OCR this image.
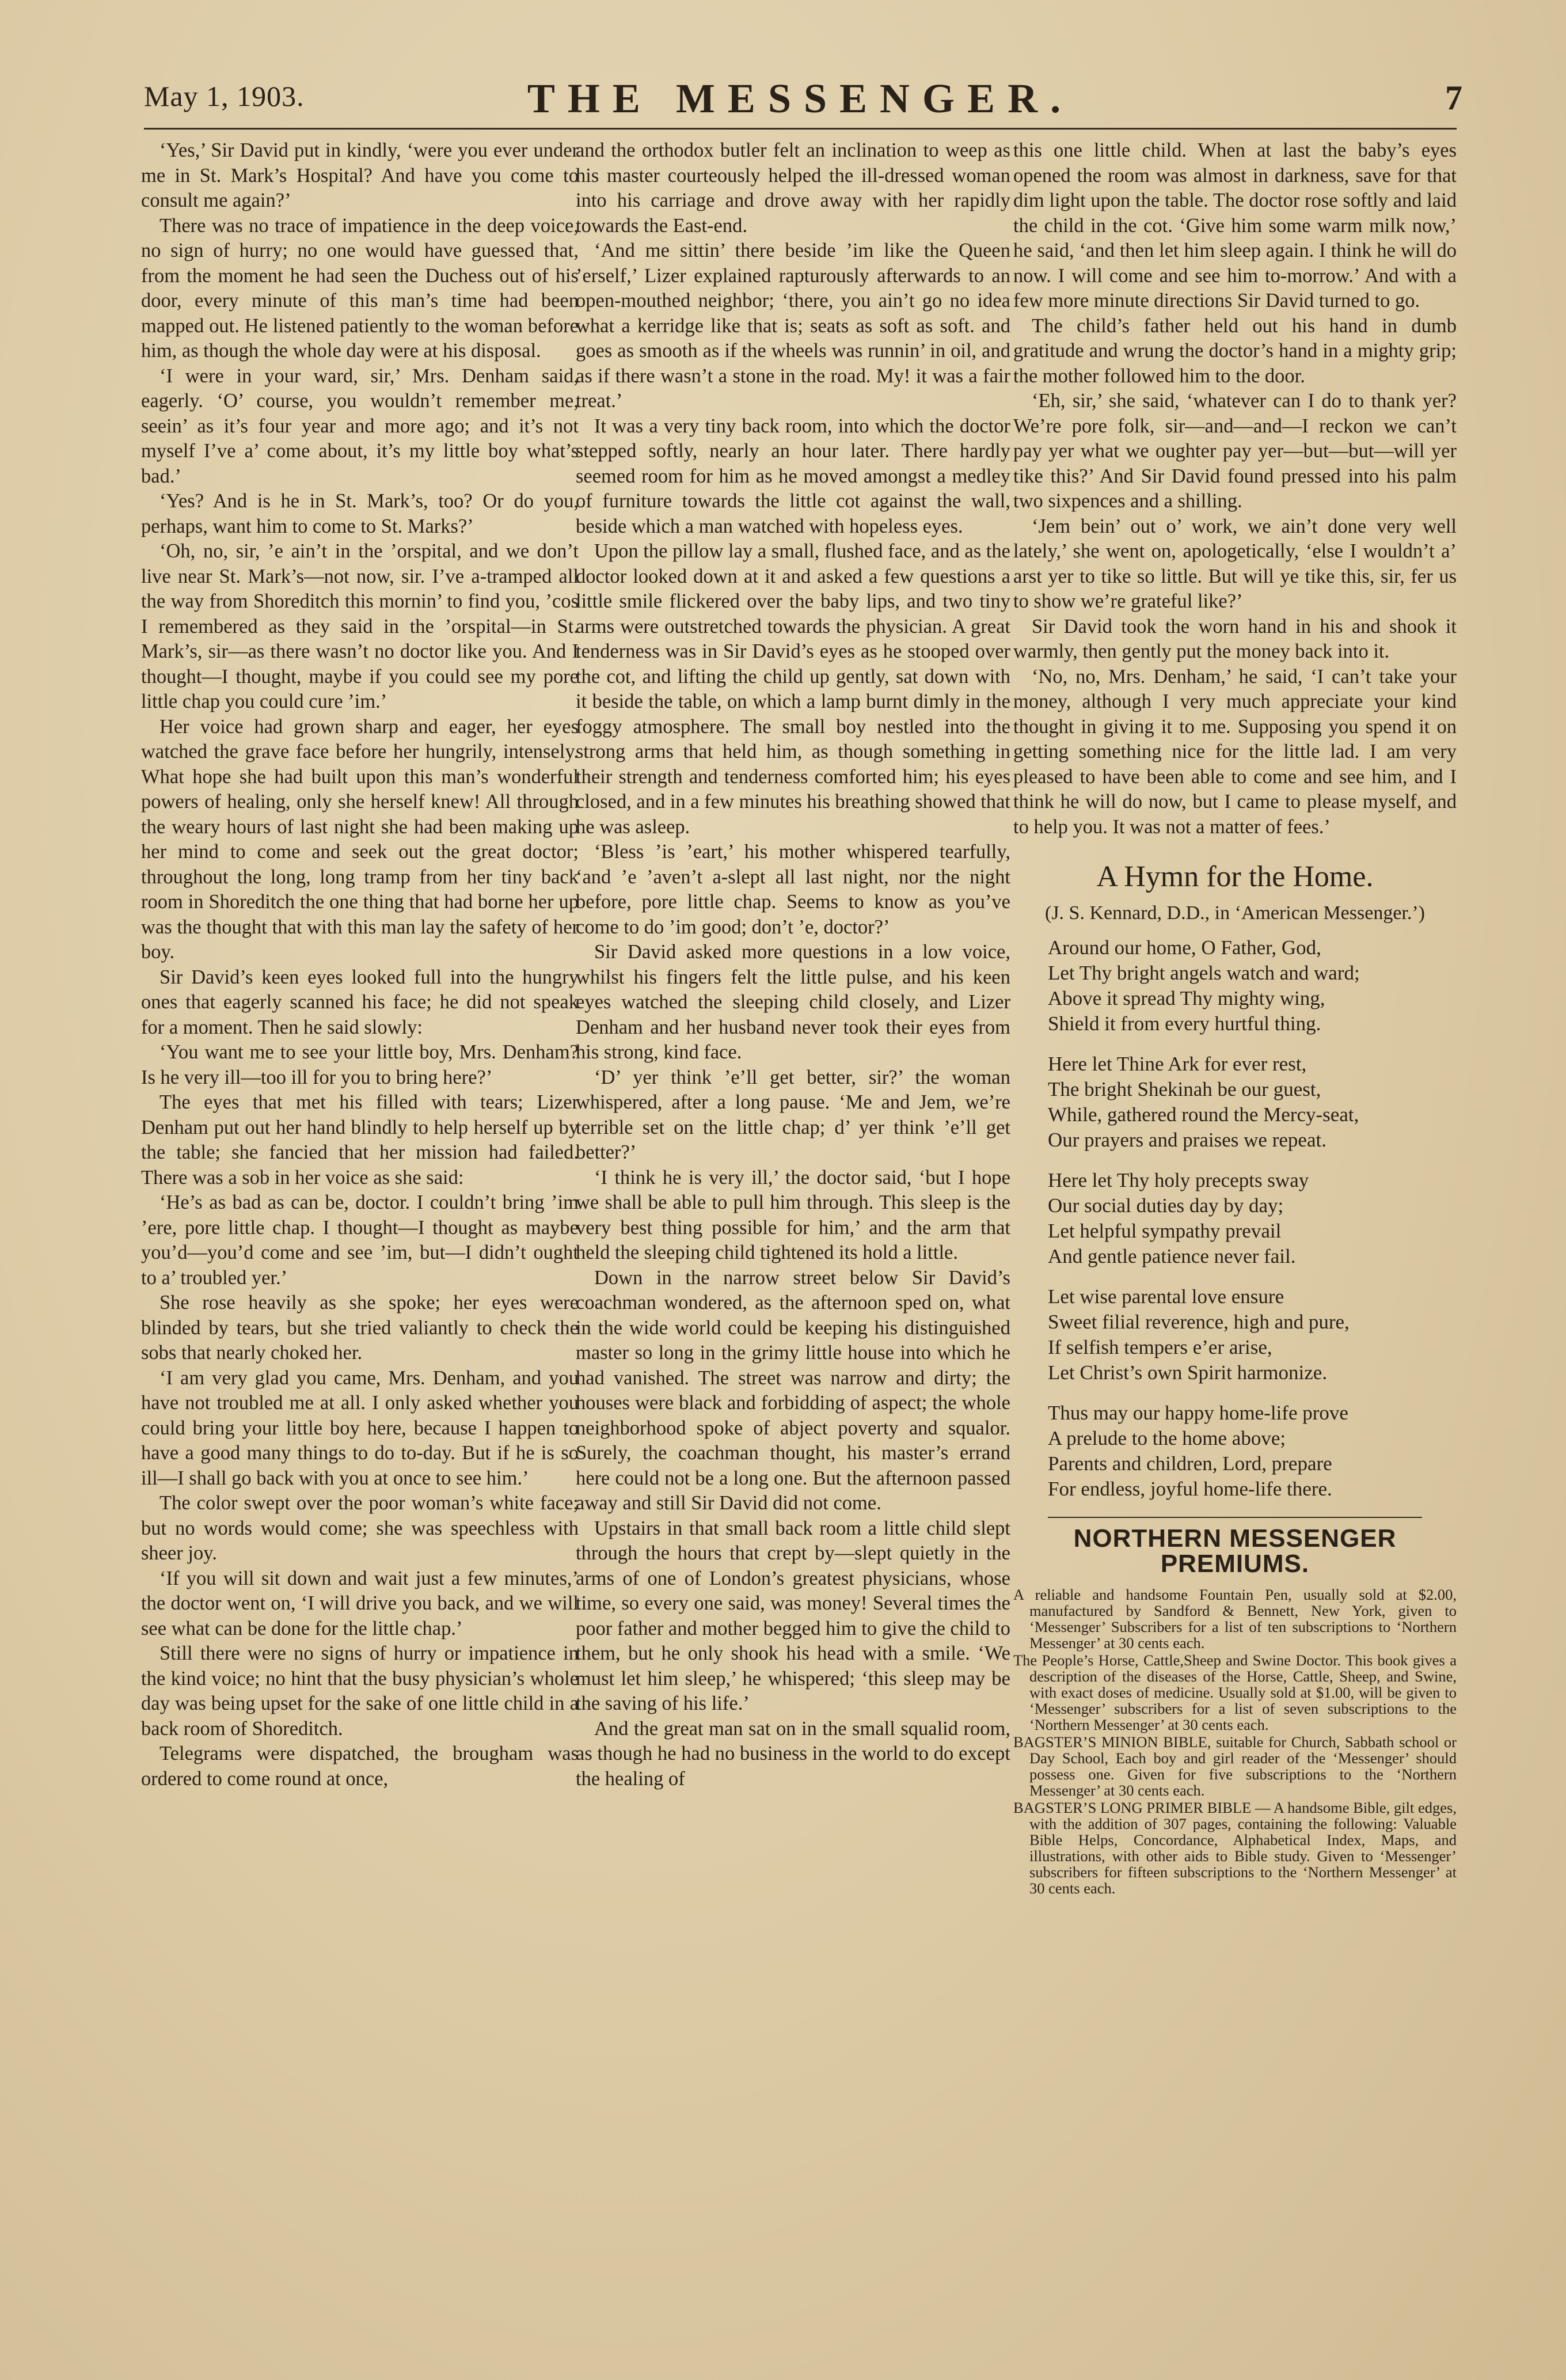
May 1, 1903.	THE MESSENGER.	7

‘Yes,’ Sir David put in kindly, ‘were you ever under me in St. Mark’s Hospital? And have you come to consult me again?’

There was no trace of impatience in the deep voice, no sign of hurry; no one would have guessed that, from the moment he had seen the Duchess out of his door, every minute of this man’s time had been mapped out. He listened patiently to the woman before him, as though the whole day were at his disposal.

‘I were in your ward, sir,’ Mrs. Denham said, eagerly. ‘O’ course, you wouldn’t remember me, seein’ as it’s four year and more ago; and it’s not myself I’ve a’ come about, it’s my little boy what’s bad.’

‘Yes? And is he in St. Mark’s, too? Or do you, perhaps, want him to come to St. Marks?’

‘Oh, no, sir, ’e ain’t in the ’orspital, and we don’t live near St. Mark’s—not now, sir. I’ve a-tramped all the way from Shoreditch this mornin’ to find you, ’cos I remembered as they said in the ’orspital—in St. Mark’s, sir—as there wasn’t no doctor like you. And I thought—I thought, maybe if you could see my pore little chap you could cure ’im.’

Her voice had grown sharp and eager, her eyes watched the grave face before her hungrily, intensely. What hope she had built upon this man’s wonderful powers of healing, only she herself knew! All through the weary hours of last night she had been making up her mind to come and seek out the great doctor; throughout the long, long tramp from her tiny back room in Shoreditch the one thing that had borne her up was the thought that with this man lay the safety of her boy.

Sir David’s keen eyes looked full into the hungry ones that eagerly scanned his face; he did not speak for a moment. Then he said slowly:

‘You want me to see your little boy, Mrs. Denham? Is he very ill—too ill for you to bring here?’

The eyes that met his filled with tears; Lizer Denham put out her hand blindly to help herself up by the table; she fancied that her mission had failed. There was a sob in her voice as she said:

‘He’s as bad as can be, doctor. I couldn’t bring ’im ’ere, pore little chap. I thought—I thought as maybe you’d—you’d come and see ’im, but—I didn’t ought to a’ troubled yer.’

She rose heavily as she spoke; her eyes were blinded by tears, but she tried valiantly to check the sobs that nearly choked her.

‘I am very glad you came, Mrs. Denham, and you have not troubled me at all. I only asked whether you could bring your little boy here, because I happen to have a good many things to do to-day. But if he is so ill—I shall go back with you at once to see him.’

The color swept over the poor woman’s white face; but no words would come; she was speechless with sheer joy.

‘If you will sit down and wait just a few minutes,’ the doctor went on, ‘I will drive you back, and we will see what can be done for the little chap.’

Still there were no signs of hurry or impatience in the kind voice; no hint that the busy physician’s whole day was being upset for the sake of one little child in a back room of Shoreditch.

Telegrams were dispatched, the brougham was ordered to come round at once,

and the orthodox butler felt an inclination to weep as his master courteously helped the ill-dressed woman into his carriage and drove away with her rapidly towards the East-end.

‘And me sittin’ there beside ’im like the Queen ’erself,’ Lizer explained rapturously afterwards to an open-mouthed neighbor; ‘there, you ain’t go no idea what a kerridge like that is; seats as soft as soft. and goes as smooth as if the wheels was runnin’ in oil, and as if there wasn’t a stone in the road. My! it was a fair treat.’

It was a very tiny back room, into which the doctor stepped softly, nearly an hour later. There hardly seemed room for him as he moved amongst a medley of furniture towards the little cot against the wall, beside which a man watched with hopeless eyes.

Upon the pillow lay a small, flushed face, and as the doctor looked down at it and asked a few questions a little smile flickered over the baby lips, and two tiny arms were outstretched towards the physician. A great tenderness was in Sir David’s eyes as he stooped over the cot, and lifting the child up gently, sat down with it beside the table, on which a lamp burnt dimly in the foggy atmosphere. The small boy nestled into the strong arms that held him, as though something in their strength and tenderness comforted him; his eyes closed, and in a few minutes his breathing showed that he was asleep.

‘Bless ’is ’eart,’ his mother whispered tearfully, ‘and ’e ’aven’t a-slept all last night, nor the night before, pore little chap. Seems to know as you’ve come to do ’im good; don’t ’e, doctor?’

Sir David asked more questions in a low voice, whilst his fingers felt the little pulse, and his keen eyes watched the sleeping child closely, and Lizer Denham and her husband never took their eyes from his strong, kind face.

‘D’ yer think ’e’ll get better, sir?’ the woman whispered, after a long pause. ‘Me and Jem, we’re terrible set on the little chap; d’ yer think ’e’ll get better?’

‘I think he is very ill,’ the doctor said, ‘but I hope we shall be able to pull him through. This sleep is the very best thing possible for him,’ and the arm that held the sleeping child tightened its hold a little.

Down in the narrow street below Sir David’s coachman wondered, as the afternoon sped on, what in the wide world could be keeping his distinguished master so long in the grimy little house into which he had vanished. The street was narrow and dirty; the houses were black and forbidding of aspect; the whole neighborhood spoke of abject poverty and squalor. Surely, the coachman thought, his master’s errand here could not be a long one. But the afternoon passed away and still Sir David did not come.

Upstairs in that small back room a little child slept through the hours that crept by—slept quietly in the arms of one of London’s greatest physicians, whose time, so every one said, was money! Several times the poor father and mother begged him to give the child to them, but he only shook his head with a smile. ‘We must let him sleep,’ he whispered; ‘this sleep may be the saving of his life.’

And the great man sat on in the small squalid room, as though he had no business in the world to do except the healing of

this one little child. When at last the baby’s eyes opened the room was almost in darkness, save for that dim light upon the table. The doctor rose softly and laid the child in the cot. ‘Give him some warm milk now,’ he said, ‘and then let him sleep again. I think he will do now. I will come and see him to-morrow.’ And with a few more minute directions Sir David turned to go.

The child’s father held out his hand in dumb gratitude and wrung the doctor’s hand in a mighty grip; the mother followed him to the door.

‘Eh, sir,’ she said, ‘whatever can I do to thank yer? We’re pore folk, sir—and—and—I reckon we can’t pay yer what we oughter pay yer—but—but—will yer tike this?’ And Sir David found pressed into his palm two sixpences and a shilling.

‘Jem bein’ out o’ work, we ain’t done very well lately,’ she went on, apologetically, ‘else I wouldn’t a’ arst yer to tike so little. But will ye tike this, sir, fer us to show we’re grateful like?’

Sir David took the worn hand in his and shook it warmly, then gently put the money back into it.

‘No, no, Mrs. Denham,’ he said, ‘I can’t take your money, although I very much appreciate your kind thought in giving it to me. Supposing you spend it on getting something nice for the little lad. I am very pleased to have been able to come and see him, and I think he will do now, but I came to please myself, and to help you. It was not a matter of fees.’

A Hymn for the Home.
(J. S. Kennard, D.D., in ‘American Messenger.’)
Around our home, O Father, God,
Let Thy bright angels watch and ward;
Above it spread Thy mighty wing,
Shield it from every hurtful thing.
Here let Thine Ark for ever rest,
The bright Shekinah be our guest,
While, gathered round the Mercy-seat,
Our prayers and praises we repeat.
Here let Thy holy precepts sway
Our social duties day by day;
Let helpful sympathy prevail
And gentle patience never fail.
Let wise parental love ensure
Sweet filial reverence, high and pure,
If selfish tempers e’er arise,
Let Christ’s own Spirit harmonize.
Thus may our happy home-life prove
A prelude to the home above;
Parents and children, Lord, prepare
For endless, joyful home-life there.
NORTHERN MESSENGER PREMIUMS.
A reliable and handsome Fountain Pen, usually sold at $2.00, manufactured by Sandford & Bennett, New York, given to ‘Messenger’ Subscribers for a list of ten subscriptions to ‘Northern Messenger’ at 30 cents each.
The People’s Horse, Cattle,Sheep and Swine Doctor. This book gives a description of the diseases of the Horse, Cattle, Sheep, and Swine, with exact doses of medicine. Usually sold at $1.00, will be given to ‘Messenger’ subscribers for a list of seven subscriptions to the ‘Northern Messenger’ at 30 cents each.
BAGSTER’S MINION BIBLE, suitable for Church, Sabbath school or Day School, Each boy and girl reader of the ‘Messenger’ should possess one. Given for five subscriptions to the ‘Northern Messenger’ at 30 cents each.
BAGSTER’S LONG PRIMER BIBLE — A handsome Bible, gilt edges, with the addition of 307 pages, containing the following: Valuable Bible Helps, Concordance, Alphabetical Index, Maps, and illustrations, with other aids to Bible study. Given to ‘Messenger’ subscribers for fifteen subscriptions to the ‘Northern Messenger’ at 30 cents each.
